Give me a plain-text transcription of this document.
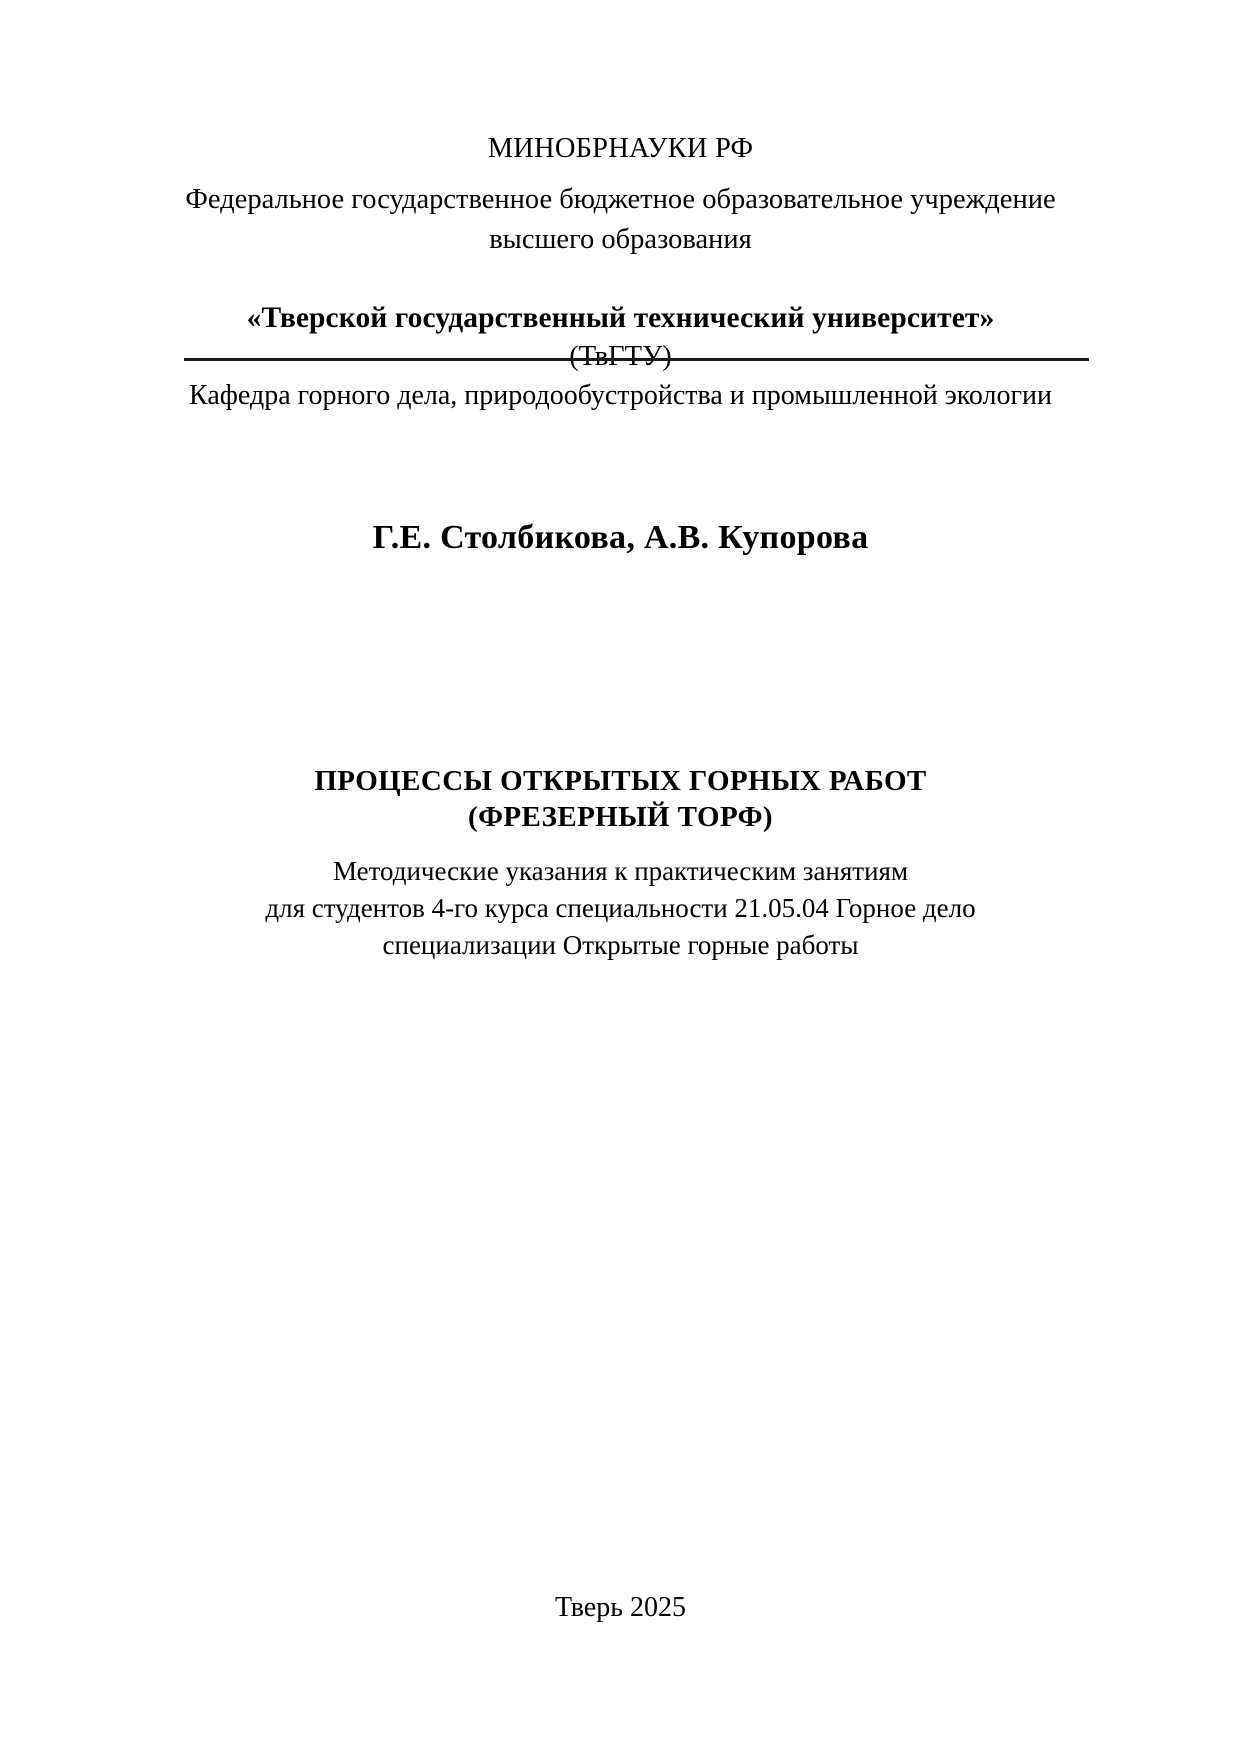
МИНОБРНАУКИ РФ
Федеральное государственное бюджетное образовательное учреждение
высшего образования
«Тверской государственный технический университет»
(ТвГТУ)
Кафедра горного дела, природообустройства и промышленной экологии
Г.Е. Столбикова, А.В. Купорова
ПРОЦЕССЫ ОТКРЫТЫХ ГОРНЫХ РАБОТ
(ФРЕЗЕРНЫЙ ТОРФ)
Методические указания к практическим занятиям
для студентов 4-го курса специальности 21.05.04 Горное дело
специализации Открытые горные работы
Тверь 2025
